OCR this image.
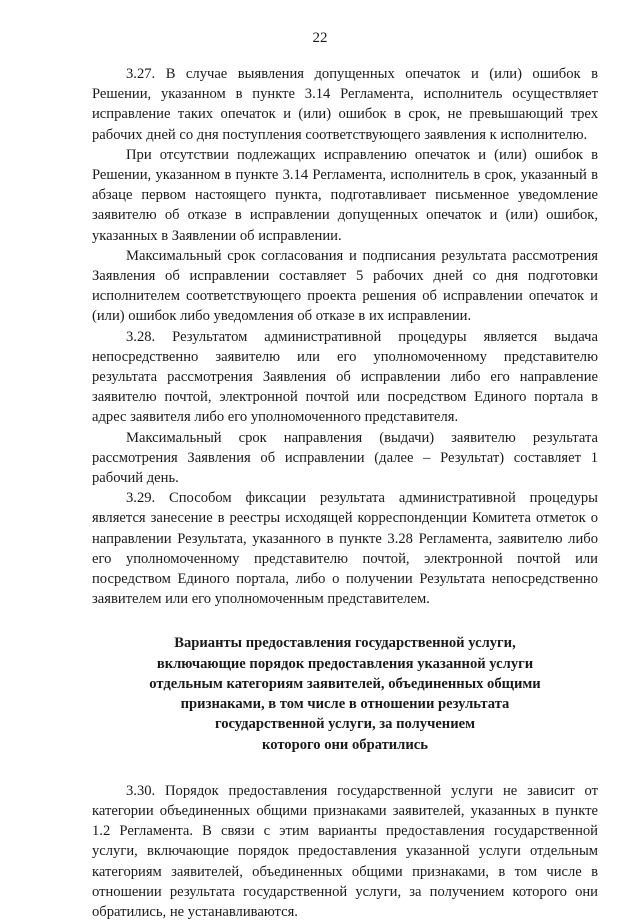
22

3.27. В случае выявления допущенных опечаток и (или) ошибок в Решении, указанном в пункте 3.14 Регламента, исполнитель осуществляет исправление таких опечаток и (или) ошибок в срок, не превышающий трех рабочих дней со дня поступления соответствующего заявления к исполнителю.

При отсутствии подлежащих исправлению опечаток и (или) ошибок в Решении, указанном в пункте 3.14 Регламента, исполнитель в срок, указанный в абзаце первом настоящего пункта, подготавливает письменное уведомление заявителю об отказе в исправлении допущенных опечаток и (или) ошибок, указанных в Заявлении об исправлении.

Максимальный срок согласования и подписания результата рассмотрения Заявления об исправлении составляет 5 рабочих дней со дня подготовки исполнителем соответствующего проекта решения об исправлении опечаток и (или) ошибок либо уведомления об отказе в их исправлении.

3.28. Результатом административной процедуры является выдача непосредственно заявителю или его уполномоченному представителю результата рассмотрения Заявления об исправлении либо его направление заявителю почтой, электронной почтой или посредством Единого портала в адрес заявителя либо его уполномоченного представителя.

Максимальный срок направления (выдачи) заявителю результата рассмотрения Заявления об исправлении (далее – Результат) составляет 1 рабочий день.

3.29. Способом фиксации результата административной процедуры является занесение в реестры исходящей корреспонденции Комитета отметок о направлении Результата, указанного в пункте 3.28 Регламента, заявителю либо его уполномоченному представителю почтой, электронной почтой или посредством Единого портала, либо о получении Результата непосредственно заявителем или его уполномоченным представителем.

Варианты предоставления государственной услуги,
включающие порядок предоставления указанной услуги
отдельным категориям заявителей, объединенных общими
признаками, в том числе в отношении результата
государственной услуги, за получением
которого они обратились

3.30. Порядок предоставления государственной услуги не зависит от категории объединенных общими признаками заявителей, указанных в пункте 1.2 Регламента. В связи с этим варианты предоставления государственной услуги, включающие порядок предоставления указанной услуги отдельным категориям заявителей, объединенных общими признаками, в том числе в отношении результата государственной услуги, за получением которого они обратились, не устанавливаются.
